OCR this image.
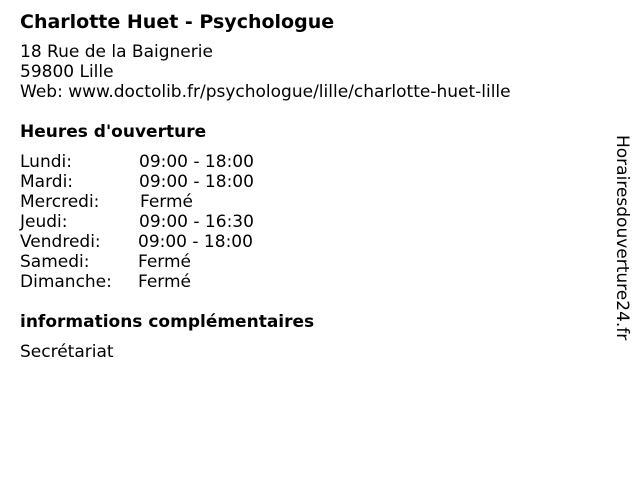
Charlotte Huet - Psychologue
18 Rue de la Baignerie
59800 Lille
Web: www.doctolib.fr/psychologue/lille/charlotte-huet-lille
Heures d'ouverture
Lundi:	09:00 - 18:00
Mardi:	09:00 - 18:00
Mercredi: Fermé
Jeudi:	09:00 - 16:30
Vendredi: 09:00 - 18:00
Samedi:	Fermé
Dimanche: Fermé
informations complémentaires
Secrétariat
Horairesdouverture24.fr
